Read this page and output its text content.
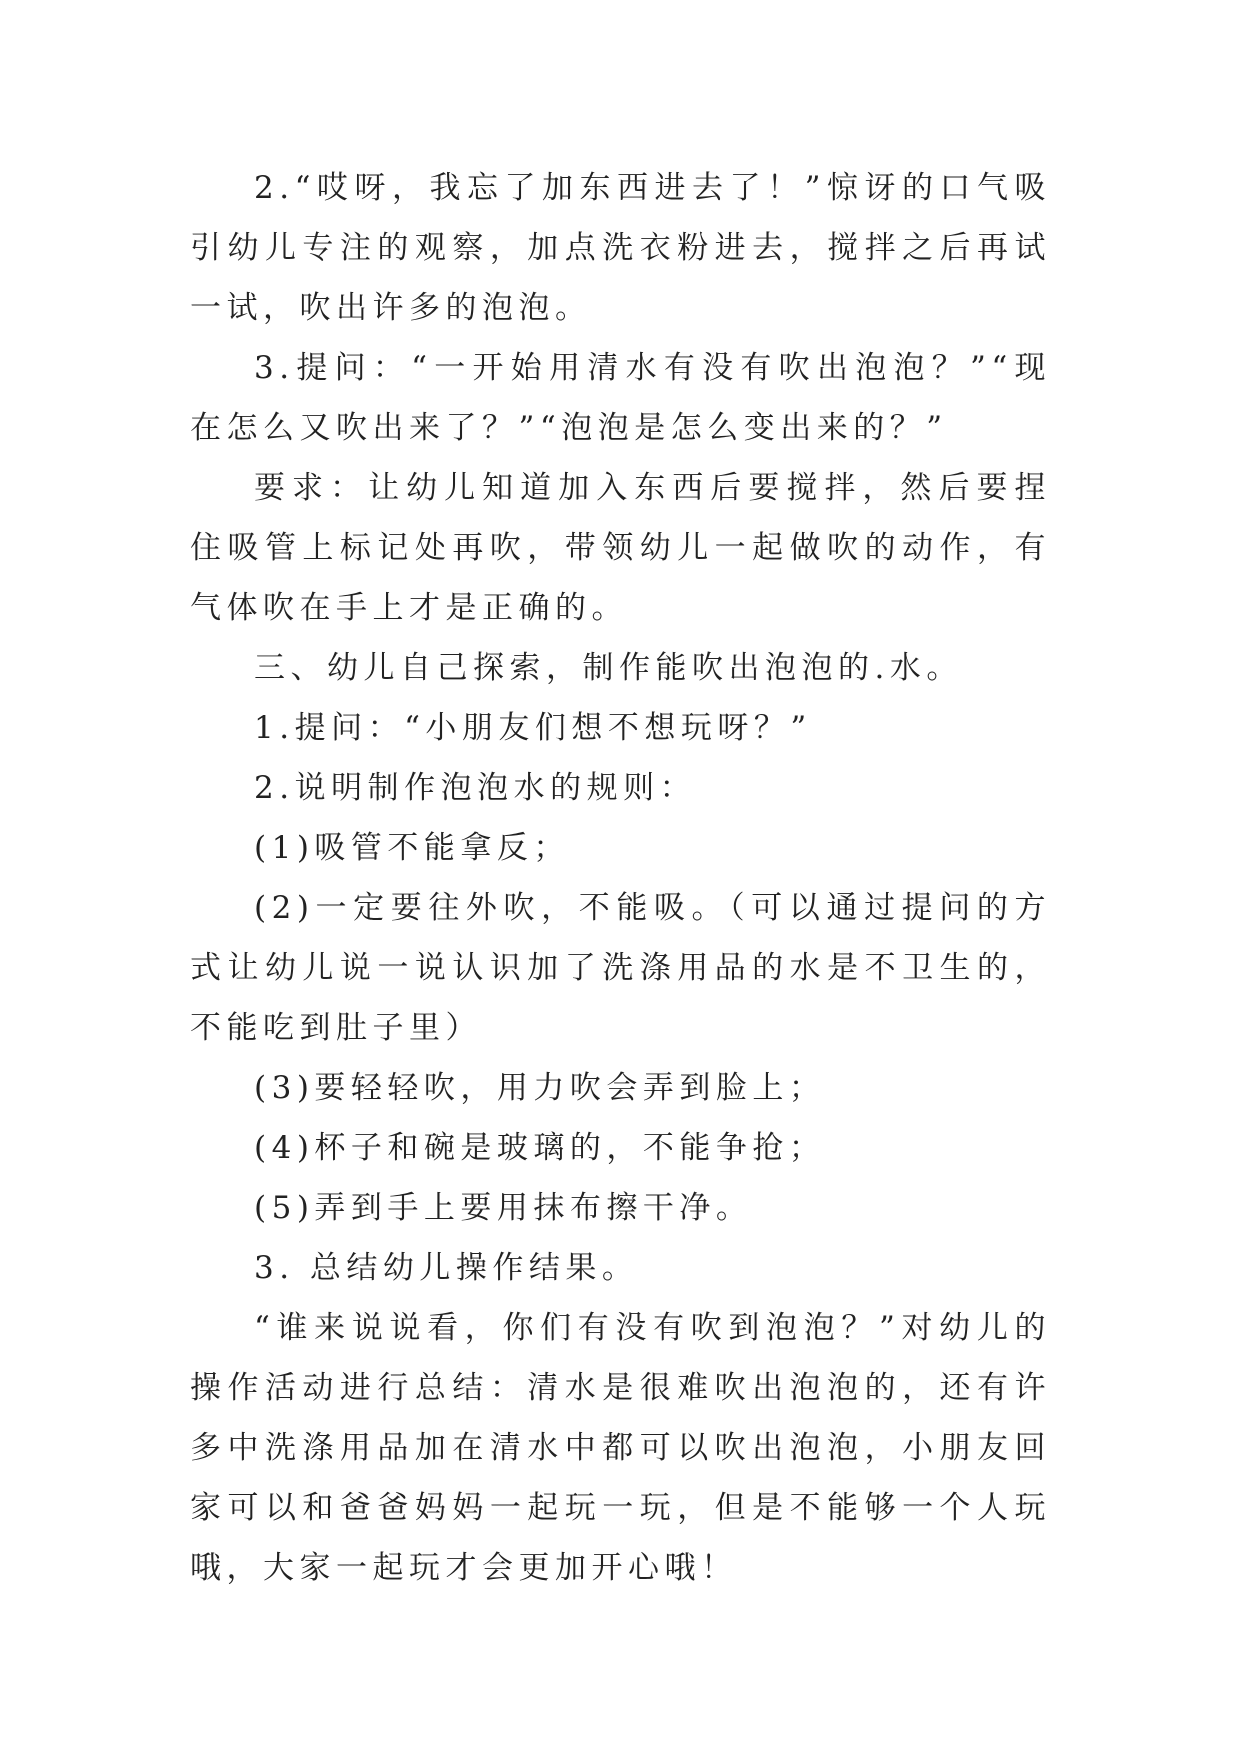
2.“哎呀，我忘了加东西进去了！”惊讶的口气吸引幼儿专注的观察，加点洗衣粉进去，搅拌之后再试一试，吹出许多的泡泡。

3.提问：“一开始用清水有没有吹出泡泡？”“现在怎么又吹出来了？”“泡泡是怎么变出来的？”

要求：让幼儿知道加入东西后要搅拌，然后要捏住吸管上标记处再吹，带领幼儿一起做吹的动作，有气体吹在手上才是正确的。

三、幼儿自己探索，制作能吹出泡泡的.水。

1.提问：“小朋友们想不想玩呀？”

2.说明制作泡泡水的规则：

(1)吸管不能拿反；

(2)一定要往外吹，不能吸。（可以通过提问的方式让幼儿说一说认识加了洗涤用品的水是不卫生的，不能吃到肚子里）

(3)要轻轻吹，用力吹会弄到脸上；

(4)杯子和碗是玻璃的，不能争抢；

(5)弄到手上要用抹布擦干净。

3. 总结幼儿操作结果。

“谁来说说看，你们有没有吹到泡泡？”对幼儿的操作活动进行总结：清水是很难吹出泡泡的，还有许多中洗涤用品加在清水中都可以吹出泡泡，小朋友回家可以和爸爸妈妈一起玩一玩，但是不能够一个人玩哦，大家一起玩才会更加开心哦！
